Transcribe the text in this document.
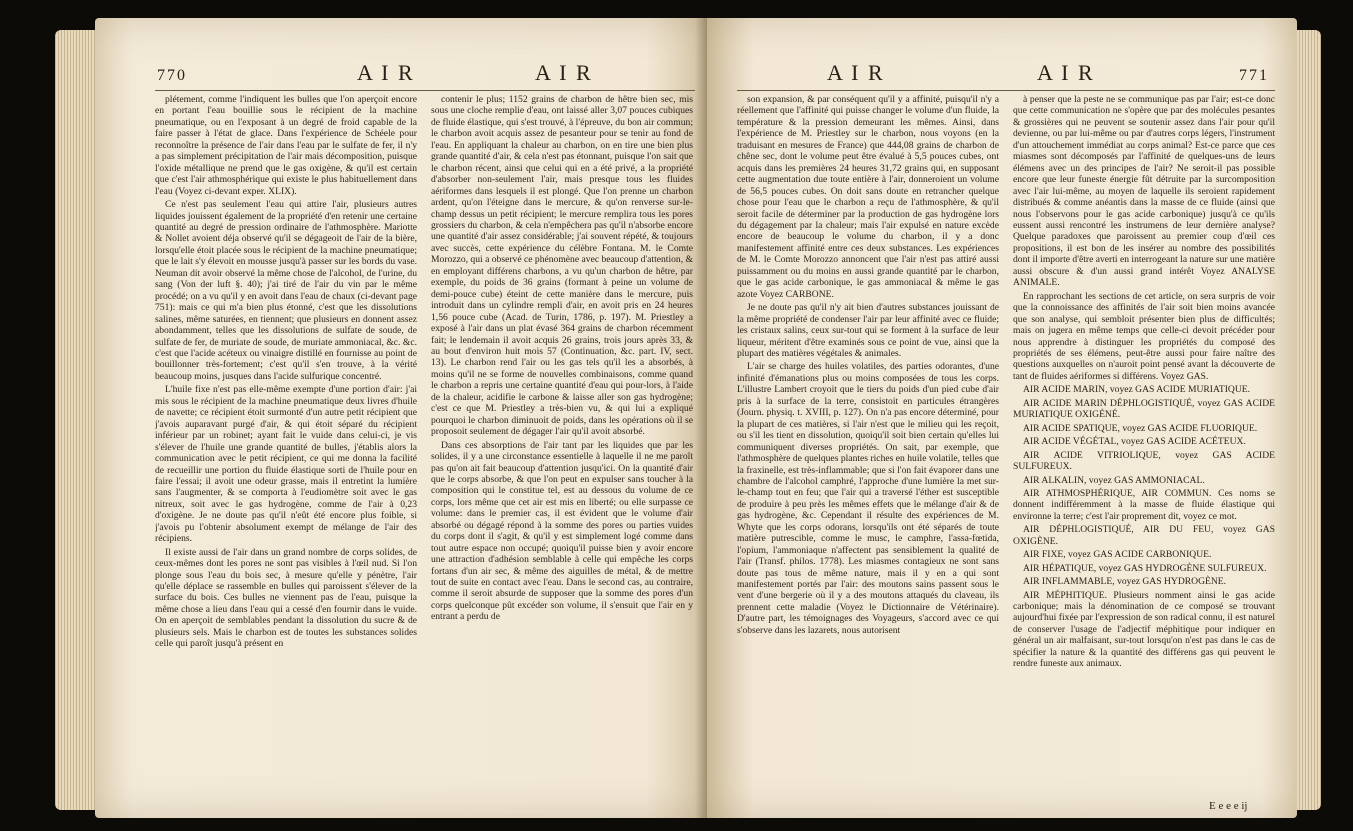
770	A I R	A I R

plétement, comme l'indiquent les bulles que l'on aperçoit encore en portant l'eau bouillie sous le récipient de la machine pneumatique, ou en l'exposant à un degré de froid capable de la faire passer à l'état de glace. Dans l'expérience de Schéele pour reconnoître la présence de l'air dans l'eau par le sulfate de fer, il n'y a pas simplement précipitation de l'air mais décomposition, puisque l'oxide métallique ne prend que le gas oxigène, & qu'il est certain que c'est l'air athmosphérique qui existe le plus habituellement dans l'eau (Voyez ci-devant exper. XLIX).

Ce n'est pas seulement l'eau qui attire l'air, plusieurs autres liquides jouissent également de la propriété d'en retenir une certaine quantité au degré de pression ordinaire de l'athmosphère. Mariotte & Nollet avoient déja observé qu'il se dégageoit de l'air de la bière, lorsqu'elle étoit placée sous le récipient de la machine pneumatique; que le lait s'y élevoit en mousse jusqu'à passer sur les bords du vase. Neuman dit avoir observé la même chose de l'alcohol, de l'urine, du sang (Von der luft §. 40); j'ai tiré de l'air du vin par le même procédé; on a vu qu'il y en avoit dans l'eau de chaux (ci-devant page 751): mais ce qui m'a bien plus étonné, c'est que les dissolutions salines, même saturées, en tiennent; que plusieurs en donnent assez abondamment, telles que les dissolutions de sulfate de soude, de sulfate de fer, de muriate de soude, de muriate ammoniacal, &c. &c. c'est que l'acide acéteux ou vinaigre distillé en fournisse au point de bouillonner très-fortement; c'est qu'il s'en trouve, à la vérité beaucoup moins, jusques dans l'acide sulfurique concentré.

L'huile fixe n'est pas elle-même exempte d'une portion d'air: j'ai mis sous le récipient de la machine pneumatique deux livres d'huile de navette; ce récipient étoit surmonté d'un autre petit récipient que j'avois auparavant purgé d'air, & qui étoit séparé du récipient inférieur par un robinet; ayant fait le vuide dans celui-ci, je vis s'élever de l'huile une grande quantité de bulles, j'établis alors la communication avec le petit récipient, ce qui me donna la facilité de recueillir une portion du fluide élastique sorti de l'huile pour en faire l'essai; il avoit une odeur grasse, mais il entretint la lumière sans l'augmenter, & se comporta à l'eudiomètre soit avec le gas nitreux, soit avec le gas hydrogène, comme de l'air à 0,23 d'oxigène. Je ne doute pas qu'il n'eût été encore plus foible, si j'avois pu l'obtenir absolument exempt de mélange de l'air des récipiens.

Il existe aussi de l'air dans un grand nombre de corps solides, de ceux-mêmes dont les pores ne sont pas visibles à l'œil nud. Si l'on plonge sous l'eau du bois sec, à mesure qu'elle y pénètre, l'air qu'elle déplace se rassemble en bulles qui paroissent s'élever de la surface du bois. Ces bulles ne viennent pas de l'eau, puisque la même chose a lieu dans l'eau qui a cessé d'en fournir dans le vuide. On en aperçoit de semblables pendant la dissolution du sucre & de plusieurs sels. Mais le charbon est de toutes les substances solides celle qui paroît jusqu'à présent en

contenir le plus; 1152 grains de charbon de hêtre bien sec, mis sous une cloche remplie d'eau, ont laissé aller 3,07 pouces cubiques de fluide élastique, qui s'est trouvé, à l'épreuve, du bon air commun; le charbon avoit acquis assez de pesanteur pour se tenir au fond de l'eau. En appliquant la chaleur au charbon, on en tire une bien plus grande quantité d'air, & cela n'est pas étonnant, puisque l'on sait que le charbon récent, ainsi que celui qui en a été privé, a la propriété d'absorber non-seulement l'air, mais presque tous les fluides aériformes dans lesquels il est plongé. Que l'on prenne un charbon ardent, qu'on l'éteigne dans le mercure, & qu'on renverse sur-le-champ dessus un petit récipient; le mercure remplira tous les pores grossiers du charbon, & cela n'empêchera pas qu'il n'absorbe encore une quantité d'air assez considérable; j'ai souvent répété, & toujours avec succès, cette expérience du célèbre Fontana. M. le Comte Morozzo, qui a observé ce phénomène avec beaucoup d'attention, & en employant différens charbons, a vu qu'un charbon de hêtre, par exemple, du poids de 36 grains (formant à peine un volume de demi-pouce cube) éteint de cette manière dans le mercure, puis introduit dans un cylindre rempli d'air, en avoit pris en 24 heures 1,56 pouce cube (Acad. de Turin, 1786, p. 197). M. Priestley a exposé à l'air dans un plat évasé 364 grains de charbon récemment fait; le lendemain il avoit acquis 26 grains, trois jours après 33, & au bout d'environ huit mois 57 (Continuation, &c. part. IV, sect. 13). Le charbon rend l'air ou les gas tels qu'il les a absorbés, à moins qu'il ne se forme de nouvelles combinaisons, comme quand le charbon a repris une certaine quantité d'eau qui pour-lors, à l'aide de la chaleur, acidifie le carbone & laisse aller son gas hydrogène; c'est ce que M. Priestley a très-bien vu, & qui lui a expliqué pourquoi le charbon diminuoit de poids, dans les opérations où il se proposoit seulement de dégager l'air qu'il avoit absorbé.

Dans ces absorptions de l'air tant par les liquides que par les solides, il y a une circonstance essentielle à laquelle il ne me paroît pas qu'on ait fait beaucoup d'attention jusqu'ici. On la quantité d'air que le corps absorbe, & que l'on peut en expulser sans toucher à la composition qui le constitue tel, est au dessous du volume de ce corps, lors même que cet air est mis en liberté; ou elle surpasse ce volume: dans le premier cas, il est évident que le volume d'air absorbé ou dégagé répond à la somme des pores ou parties vuides du corps dont il s'agit, & qu'il y est simplement logé comme dans tout autre espace non occupé; quoiqu'il puisse bien y avoir encore une attraction d'adhésion semblable à celle qui empêche les corps fortans d'un air sec, & même des aiguilles de métal, & de mettre tout de suite en contact avec l'eau. Dans le second cas, au contraire, comme il seroit absurde de supposer que la somme des pores d'un corps quelconque pût excéder son volume, il s'ensuit que l'air en y entrant a perdu de

A I R	A I R	771

son expansion, & par conséquent qu'il y a affinité, puisqu'il n'y a réellement que l'affinité qui puisse changer le volume d'un fluide, la température & la pression demeurant les mêmes. Ainsi, dans l'expérience de M. Priestley sur le charbon, nous voyons (en la traduisant en mesures de France) que 444,08 grains de charbon de chêne sec, dont le volume peut être évalué à 5,5 pouces cubes, ont acquis dans les premières 24 heures 31,72 grains qui, en supposant cette augmentation due toute entière à l'air, donneroient un volume de 56,5 pouces cubes. On doit sans doute en retrancher quelque chose pour l'eau que le charbon a reçu de l'athmosphère, & qu'il seroit facile de déterminer par la production de gas hydrogène lors du dégagement par la chaleur; mais l'air expulsé en nature excède encore de beaucoup le volume du charbon, il y a donc manifestement affinité entre ces deux substances. Les expériences de M. le Comte Morozzo annoncent que l'air n'est pas attiré aussi puissamment ou du moins en aussi grande quantité par le charbon, que le gas acide carbonique, le gas ammoniacal & même le gas azote Voyez CARBONE.

Je ne doute pas qu'il n'y ait bien d'autres substances jouissant de la même propriété de condenser l'air par leur affinité avec ce fluide; les cristaux salins, ceux sur-tout qui se forment à la surface de leur liqueur, méritent d'être examinés sous ce point de vue, ainsi que la plupart des matières végétales & animales.

L'air se charge des huiles volatiles, des parties odorantes, d'une infinité d'émanations plus ou moins composées de tous les corps. L'illustre Lambert croyoit que le tiers du poids d'un pied cube d'air pris à la surface de la terre, consistoit en particules étrangères (Journ. physiq. t. XVIII, p. 127). On n'a pas encore déterminé, pour la plupart de ces matières, si l'air n'est que le milieu qui les reçoit, ou s'il les tient en dissolution, quoiqu'il soit bien certain qu'elles lui communiquent diverses propriétés. On sait, par exemple, que l'athmosphère de quelques plantes riches en huile volatile, telles que la fraxinelle, est très-inflammable; que si l'on fait évaporer dans une chambre de l'alcohol camphré, l'approche d'une lumière la met sur-le-champ tout en feu; que l'air qui a traversé l'éther est susceptible de produire à peu près les mêmes effets que le mélange d'air & de gas hydrogène, &c. Cependant il résulte des expériences de M. Whyte que les corps odorans, lorsqu'ils ont été séparés de toute matière putrescible, comme le musc, le camphre, l'assa-fœtida, l'opium, l'ammoniaque n'affectent pas sensiblement la qualité de l'air (Transf. philos. 1778). Les miasmes contagieux ne sont sans doute pas tous de même nature, mais il y en a qui sont manifestement portés par l'air: des moutons sains passent sous le vent d'une bergerie où il y a des moutons attaqués du claveau, ils prennent cette maladie (Voyez le Dictionnaire de Vétérinaire). D'autre part, les témoignages des Voyageurs, s'accord avec ce qui s'observe dans les lazarets, nous autorisent

à penser que la peste ne se communique pas par l'air; est-ce donc que cette communication ne s'opère que par des molécules pesantes & grossières qui ne peuvent se soutenir assez dans l'air pour qu'il devienne, ou par lui-même ou par d'autres corps légers, l'instrument d'un attouchement immédiat au corps animal? Est-ce parce que ces miasmes sont décomposés par l'affinité de quelques-uns de leurs élémens avec un des principes de l'air? Ne seroit-il pas possible encore que leur funeste énergie fût détruite par la surcomposition avec l'air lui-même, au moyen de laquelle ils seroient rapidement distribués & comme anéantis dans la masse de ce fluide (ainsi que nous l'observons pour le gas acide carbonique) jusqu'à ce qu'ils eussent aussi rencontré les instrumens de leur dernière analyse? Quelque paradoxes que paroissent au premier coup d'œil ces propositions, il est bon de les insérer au nombre des possibilités dont il importe d'être averti en interrogeant la nature sur une matière aussi obscure & d'un aussi grand intérêt Voyez ANALYSE ANIMALE.

En rapprochant les sections de cet article, on sera surpris de voir que la connoissance des affinités de l'air soit bien moins avancée que son analyse, qui sembloit présenter bien plus de difficultés; mais on jugera en même temps que celle-ci devoit précéder pour nous apprendre à distinguer les propriétés du composé des propriétés de ses élémens, peut-être aussi pour faire naître des questions auxquelles on n'auroit point pensé avant la découverte de tant de fluides aériformes si différens. Voyez GAS.

AIR ACIDE MARIN, voyez GAS ACIDE MURIATIQUE.

AIR ACIDE MARIN DÉPHLOGISTIQUÉ, voyez GAS ACIDE MURIATIQUE OXIGÉNÉ.

AIR ACIDE SPATIQUE, voyez GAS ACIDE FLUORIQUE.

AIR ACIDE VÉGÉTAL, voyez GAS ACIDE ACÉTEUX.

AIR ACIDE VITRIOLIQUE, voyez GAS ACIDE SULFUREUX.

AIR ALKALIN, voyez GAS AMMONIACAL.

AIR ATHMOSPHÉRIQUE, AIR COMMUN. Ces noms se donnent indifféremment à la masse de fluide élastique qui environne la terre; c'est l'air proprement dit, voyez ce mot.

AIR DÉPHLOGISTIQUÉ, AIR DU FEU, voyez GAS OXIGÈNE.

AIR FIXE, voyez GAS ACIDE CARBONIQUE.

AIR HÉPATIQUE, voyez GAS HYDROGÈNE SULFUREUX.

AIR INFLAMMABLE, voyez GAS HYDROGÈNE.

AIR MÉPHITIQUE. Plusieurs nomment ainsi le gas acide carbonique; mais la dénomination de ce composé se trouvant aujourd'hui fixée par l'expression de son radical connu, il est naturel de conserver l'usage de l'adjectif méphitique pour indiquer en général un air malfaisant, sur-tout lorsqu'on n'est pas dans le cas de spécifier la nature & la quantité des différens gas qui peuvent le rendre funeste aux animaux.

E e e e ij
